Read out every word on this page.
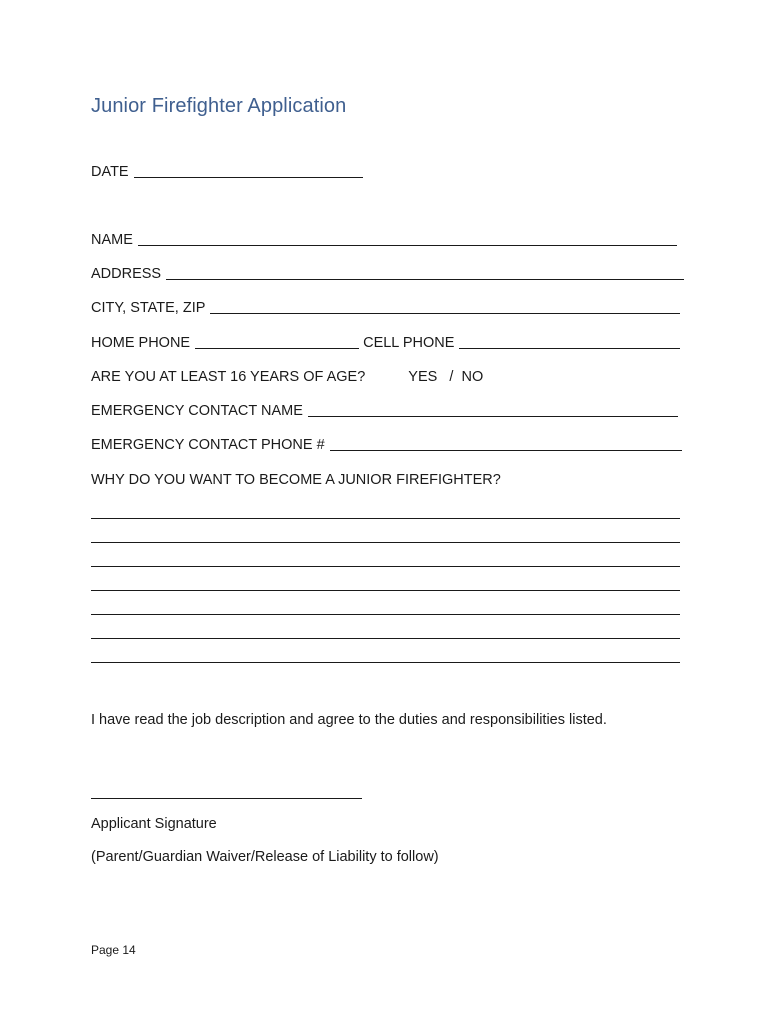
Junior Firefighter Application
DATE
NAME
ADDRESS
CITY, STATE, ZIP
HOME PHONE	CELL PHONE
ARE YOU AT LEAST 16 YEARS OF AGE?	YES   /  NO
EMERGENCY CONTACT NAME
EMERGENCY CONTACT PHONE #
WHY DO YOU WANT TO BECOME A JUNIOR FIREFIGHTER?
I have read the job description and agree to the duties and responsibilities listed.
Applicant Signature
(Parent/Guardian Waiver/Release of Liability to follow)
Page 14
